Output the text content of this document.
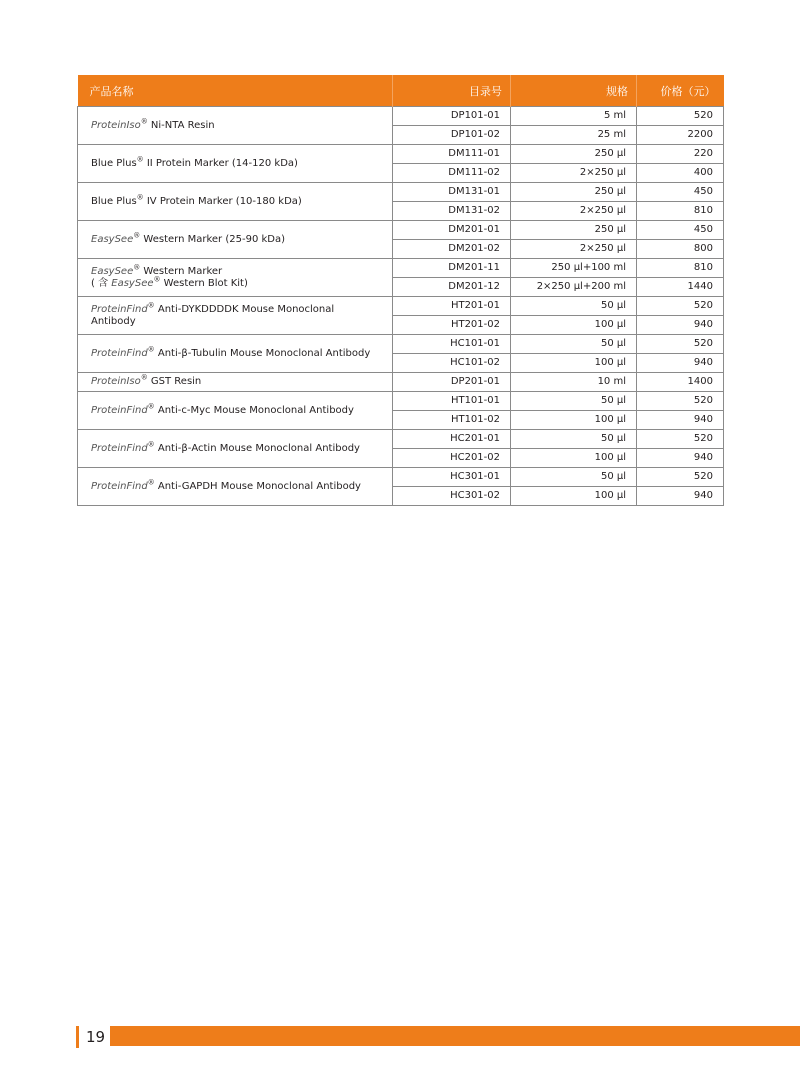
产品名称	目录号	规格	价格（元）

ProteinIso® Ni-NTA Resin	DP101-01	5 ml	520
	DP101-02	25 ml	2200

Blue Plus® II Protein Marker (14-120 kDa)	DM111-01	250 μl	220
	DM111-02	2×250 μl	400

Blue Plus® IV Protein Marker (10-180 kDa)	DM131-01	250 μl	450
	DM131-02	2×250 μl	810

EasySee® Western Marker (25-90 kDa)	DM201-01	250 μl	450
	DM201-02	2×250 μl	800

EasySee® Western Marker
( 含 EasySee® Western Blot Kit)	DM201-11	250 μl+100 ml	810
	DM201-12	2×250 μl+200 ml	1440

ProteinFind® Anti-DYKDDDDK Mouse Monoclonal
Antibody	HT201-01	50 μl	520
	HT201-02	100 μl	940

ProteinFind® Anti-β-Tubulin Mouse Monoclonal Antibody	HC101-01	50 μl	520
	HC101-02	100 μl	940

ProteinIso® GST Resin	DP201-01	10 ml	1400

ProteinFind® Anti-c-Myc Mouse Monoclonal Antibody	HT101-01	50 μl	520
	HT101-02	100 μl	940

ProteinFind® Anti-β-Actin Mouse Monoclonal Antibody	HC201-01	50 μl	520
	HC201-02	100 μl	940

ProteinFind® Anti-GAPDH Mouse Monoclonal Antibody	HC301-01	50 μl	520
	HC301-02	100 μl	940
19
